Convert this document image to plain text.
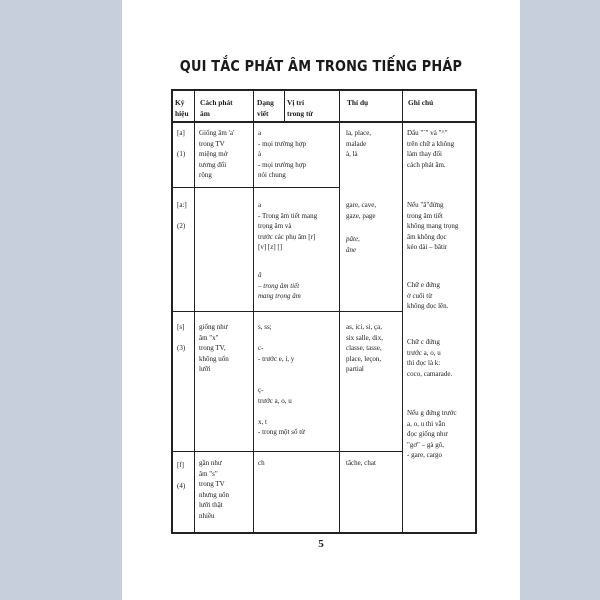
QUI TẮC PHÁT ÂM TRONG TIẾNG PHÁP
Ký
hiệu
Cách phát
âm
Dạng
viết
Vị trí
trong từ
Thí dụ	Ghi chú
[a]

(1)
Giống âm 'a'
trong TV
miệng mở
tương đối
rộng
a
- mọi trường hợp
à
- mọi trường hợp
nói chung
la, place,
malade
à, là
[a:]

(2)
a
- Trong âm tiết mang
trọng âm và
trước các phụ âm [r]
[v] [z] []
â
– trong âm tiết
mang trọng âm
gare, cave,
gaze, page
pâte,
âne
[s]

(3)
giống như
âm "x"
trong TV,
không uốn
lưỡi
s, ss;

c-
- trước e, i, y

ç-
trước a, o, u

x, t
- trong một số từ
as, ici, si, ça,
six salle, dix,
classe, tasse,
place, leçon,
partial
[f]

(4)
gần như
âm "s"
trong TV
nhưng uốn
lưỡi thật
nhiều
ch	tâche, chat
Dấu "`" và "^"
trên chữ a không
làm thay đổi
cách phát âm.
Nếu "â"đứng
trong âm tiết
không mang trọng
âm không đọc
kéo dài – bâtir
Chữ e đứng
ở cuối từ
không đọc lên.
Chữ c đứng
trước a, o, u
thì đọc là k:
coco, camarade.
Nếu g đứng trước
a, o, u thì vẫn
đọc giống như
"gơ" – gà gô,
- gare, cargo
5
